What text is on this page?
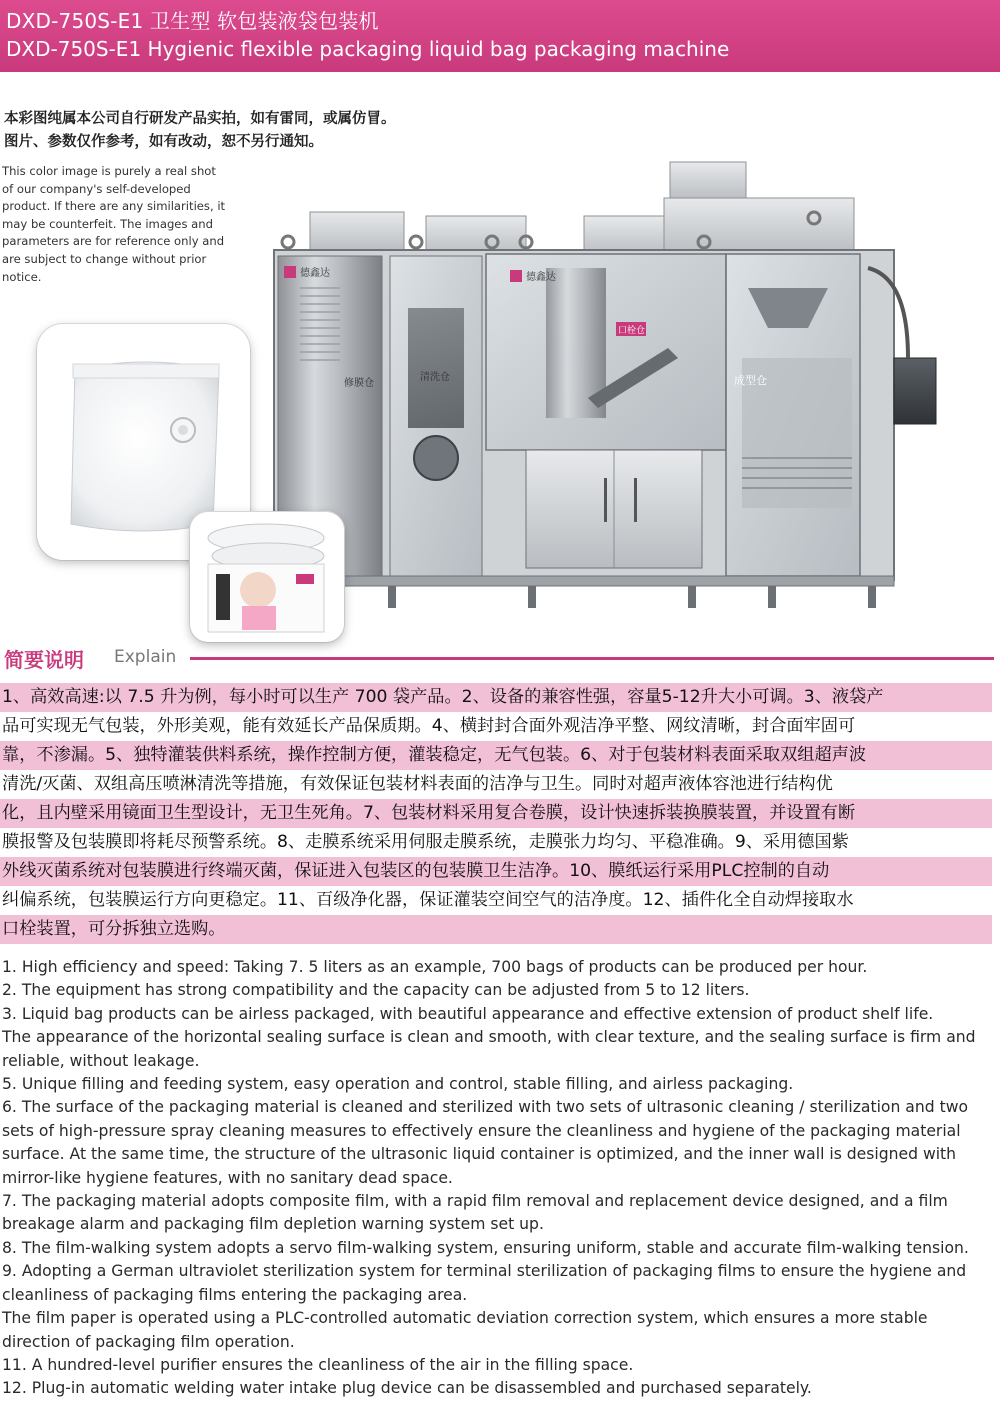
DXD-750S-E1 卫生型 软包装液袋包装机
DXD-750S-E1 Hygienic flexible packaging liquid bag packaging machine
本彩图纯属本公司自行研发产品实拍，如有雷同，或属仿冒。
图片、参数仅作参考，如有改动，恕不另行通知。
This color image is purely a real shot of our company's self-developed product. If there are any similarities, it may be counterfeit. The images and parameters are for reference only and are subject to change without prior notice.	德鑫达
修膜仓
清洗仓
德鑫达
口栓仓
成型仓
简要说明 Explain
1、高效高速:以 7.5 升为例，每小时可以生产 700 袋产品。2、设备的兼容性强，容量5-12升大小可调。3、液袋产
品可实现无气包装，外形美观，能有效延长产品保质期。4、横封封合面外观洁净平整、网纹清晰，封合面牢固可
靠，不渗漏。5、独特灌装供料系统，操作控制方便，灌装稳定，无气包装。6、对于包装材料表面采取双组超声波
清洗/灭菌、双组高压喷淋清洗等措施，有效保证包装材料表面的洁净与卫生。同时对超声液体容池进行结构优
化，且内壁采用镜面卫生型设计，无卫生死角。7、包装材料采用复合卷膜，设计快速拆装换膜装置，并设置有断
膜报警及包装膜即将耗尽预警系统。8、走膜系统采用伺服走膜系统，走膜张力均匀、平稳准确。9、采用德国紫
外线灭菌系统对包装膜进行终端灭菌，保证进入包装区的包装膜卫生洁净。10、膜纸运行采用PLC控制的自动
纠偏系统，包装膜运行方向更稳定。11、百级净化器，保证灌装空间空气的洁净度。12、插件化全自动焊接取水
口栓装置，可分拆独立选购。

1. High efficiency and speed: Taking 7. 5 liters as an example, 700 bags of products can be produced per hour.

2. The equipment has strong compatibility and the capacity can be adjusted from 5 to 12 liters.

3. Liquid bag products can be airless packaged, with beautiful appearance and effective extension of product shelf life.

The appearance of the horizontal sealing surface is clean and smooth, with clear texture, and the sealing surface is firm and reliable, without leakage.

5. Unique filling and feeding system, easy operation and control, stable filling, and airless packaging.

6. The surface of the packaging material is cleaned and sterilized with two sets of ultrasonic cleaning / sterilization and two sets of high-pressure spray cleaning measures to effectively ensure the cleanliness and hygiene of the packaging material surface. At the same time, the structure of the ultrasonic liquid container is optimized, and the inner wall is designed with mirror-like hygiene features, with no sanitary dead space.

7. The packaging material adopts composite film, with a rapid film removal and replacement device designed, and a film breakage alarm and packaging film depletion warning system set up.

8. The film-walking system adopts a servo film-walking system, ensuring uniform, stable and accurate film-walking tension.

9. Adopting a German ultraviolet sterilization system for terminal sterilization of packaging films to ensure the hygiene and cleanliness of packaging films entering the packaging area.

The film paper is operated using a PLC-controlled automatic deviation correction system, which ensures a more stable direction of packaging film operation.

11. A hundred-level purifier ensures the cleanliness of the air in the filling space.

12. Plug-in automatic welding water intake plug device can be disassembled and purchased separately.
